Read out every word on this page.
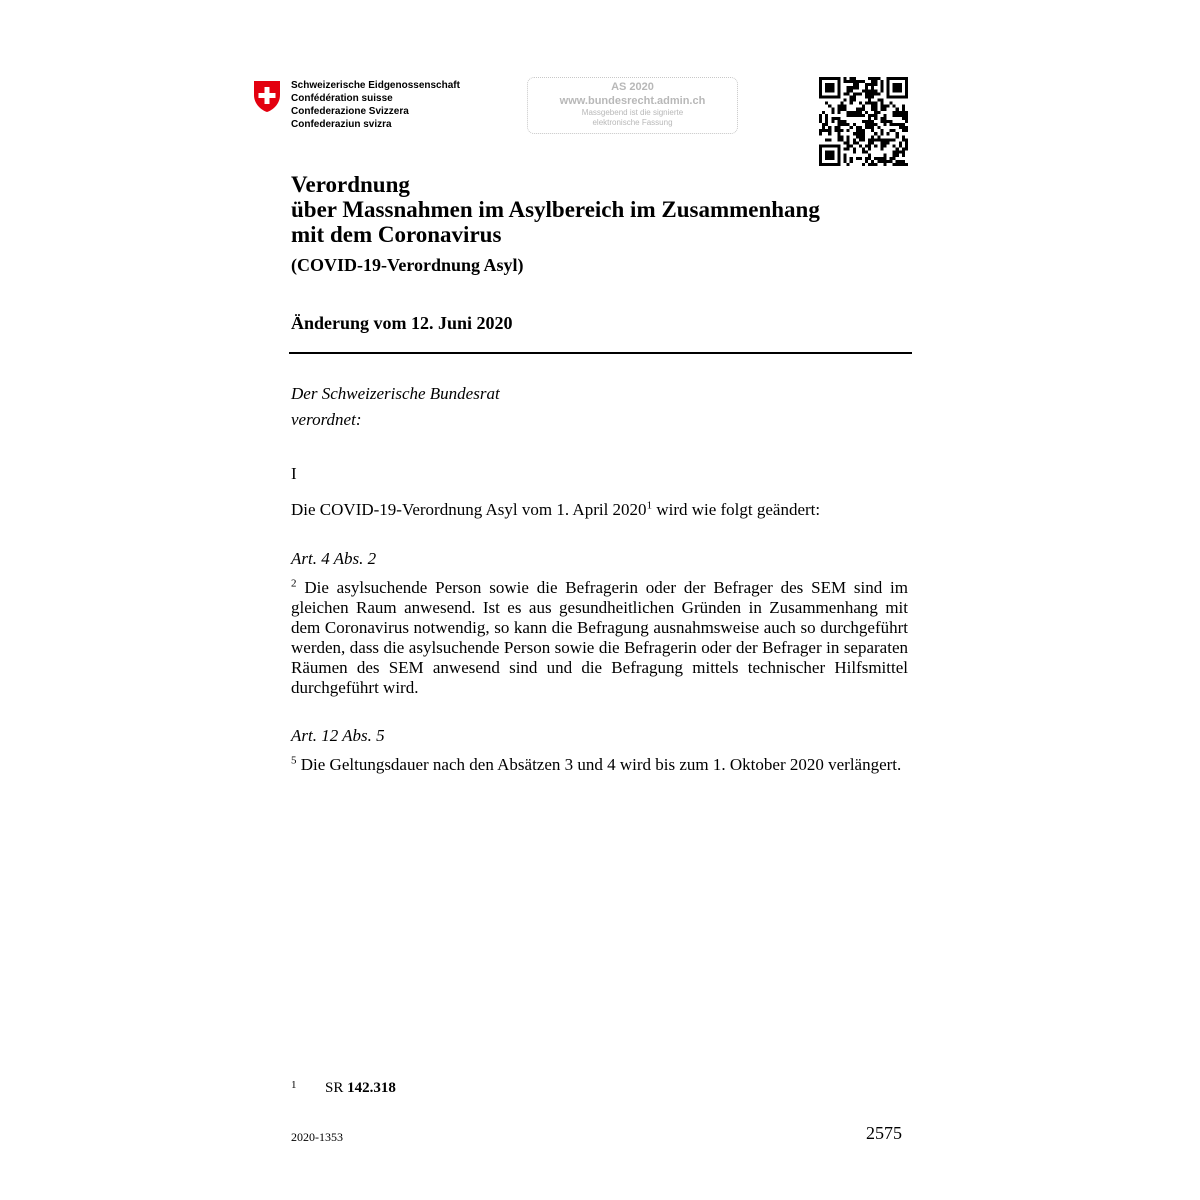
Schweizerische Eidgenossenschaft
Confédération suisse
Confederazione Svizzera
Confederaziun svizra
AS 2020
www.bundesrecht.admin.ch
Massgebend ist die signierte
elektronische Fassung
Verordnung
über Massnahmen im Asylbereich im Zusammenhang
mit dem Coronavirus
(COVID-19-Verordnung Asyl)
Änderung vom 12. Juni 2020
Der Schweizerische Bundesrat
verordnet:
I
Die COVID-19-Verordnung Asyl vom 1. April 2020$^1$ wird wie folgt geändert:
Art. 4 Abs. 2
$^2$ Die asylsuchende Person sowie die Befragerin oder der Befrager des SEM sind im gleichen Raum anwesend. Ist es aus gesundheitlichen Gründen in Zusammenhang mit dem Coronavirus notwendig, so kann die Befragung ausnahmsweise auch so durchgeführt werden, dass die asylsuchende Person sowie die Befragerin oder der Befrager in separaten Räumen des SEM anwesend sind und die Befragung mittels technischer Hilfsmittel durchgeführt wird.
Art. 12 Abs. 5
$^5$ Die Geltungsdauer nach den Absätzen 3 und 4 wird bis zum 1. Oktober 2020 verlängert.
1 SR 142.318
2020-1353	2575
